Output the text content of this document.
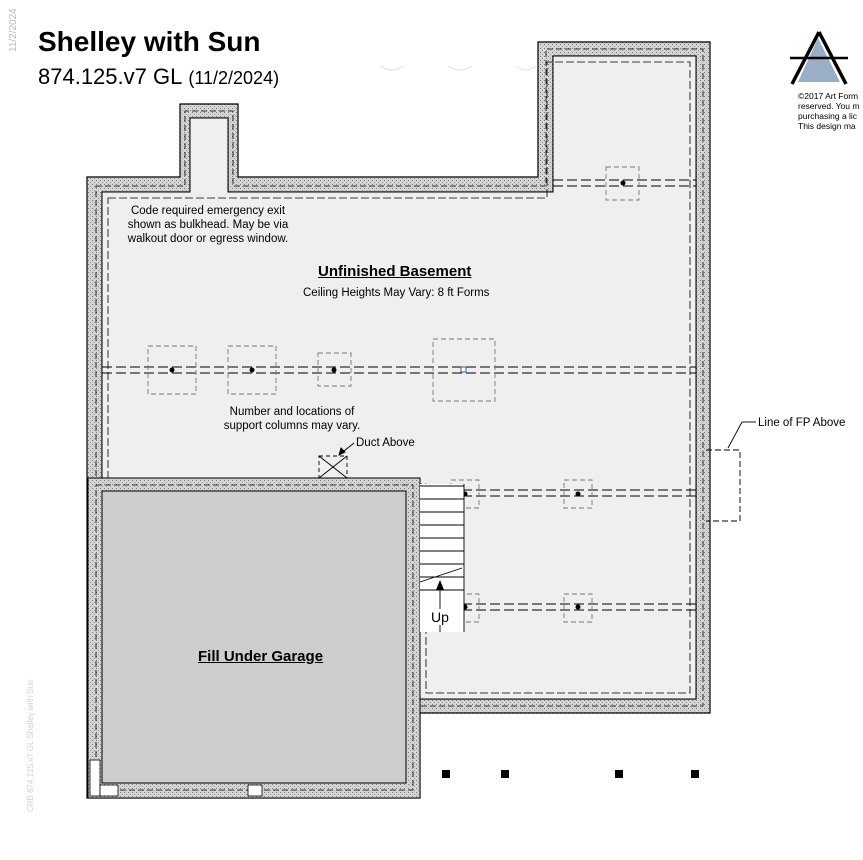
Shelley with Sun
874.125.v7 GL (11/2/2024)
11/2/2024
CRB 874.125.v7 GL Shelley with Sun
©2017 Art Form
reserved. You m
purchasing a lic
This design ma
Code required emergency exit
shown as bulkhead. May be via
walkout door or egress window.
Unfinished Basement
Ceiling Heights May Vary: 8 ft Forms
Number and locations of
support columns may vary.
Duct Above
Line of FP Above
Up
Fill Under Garage
